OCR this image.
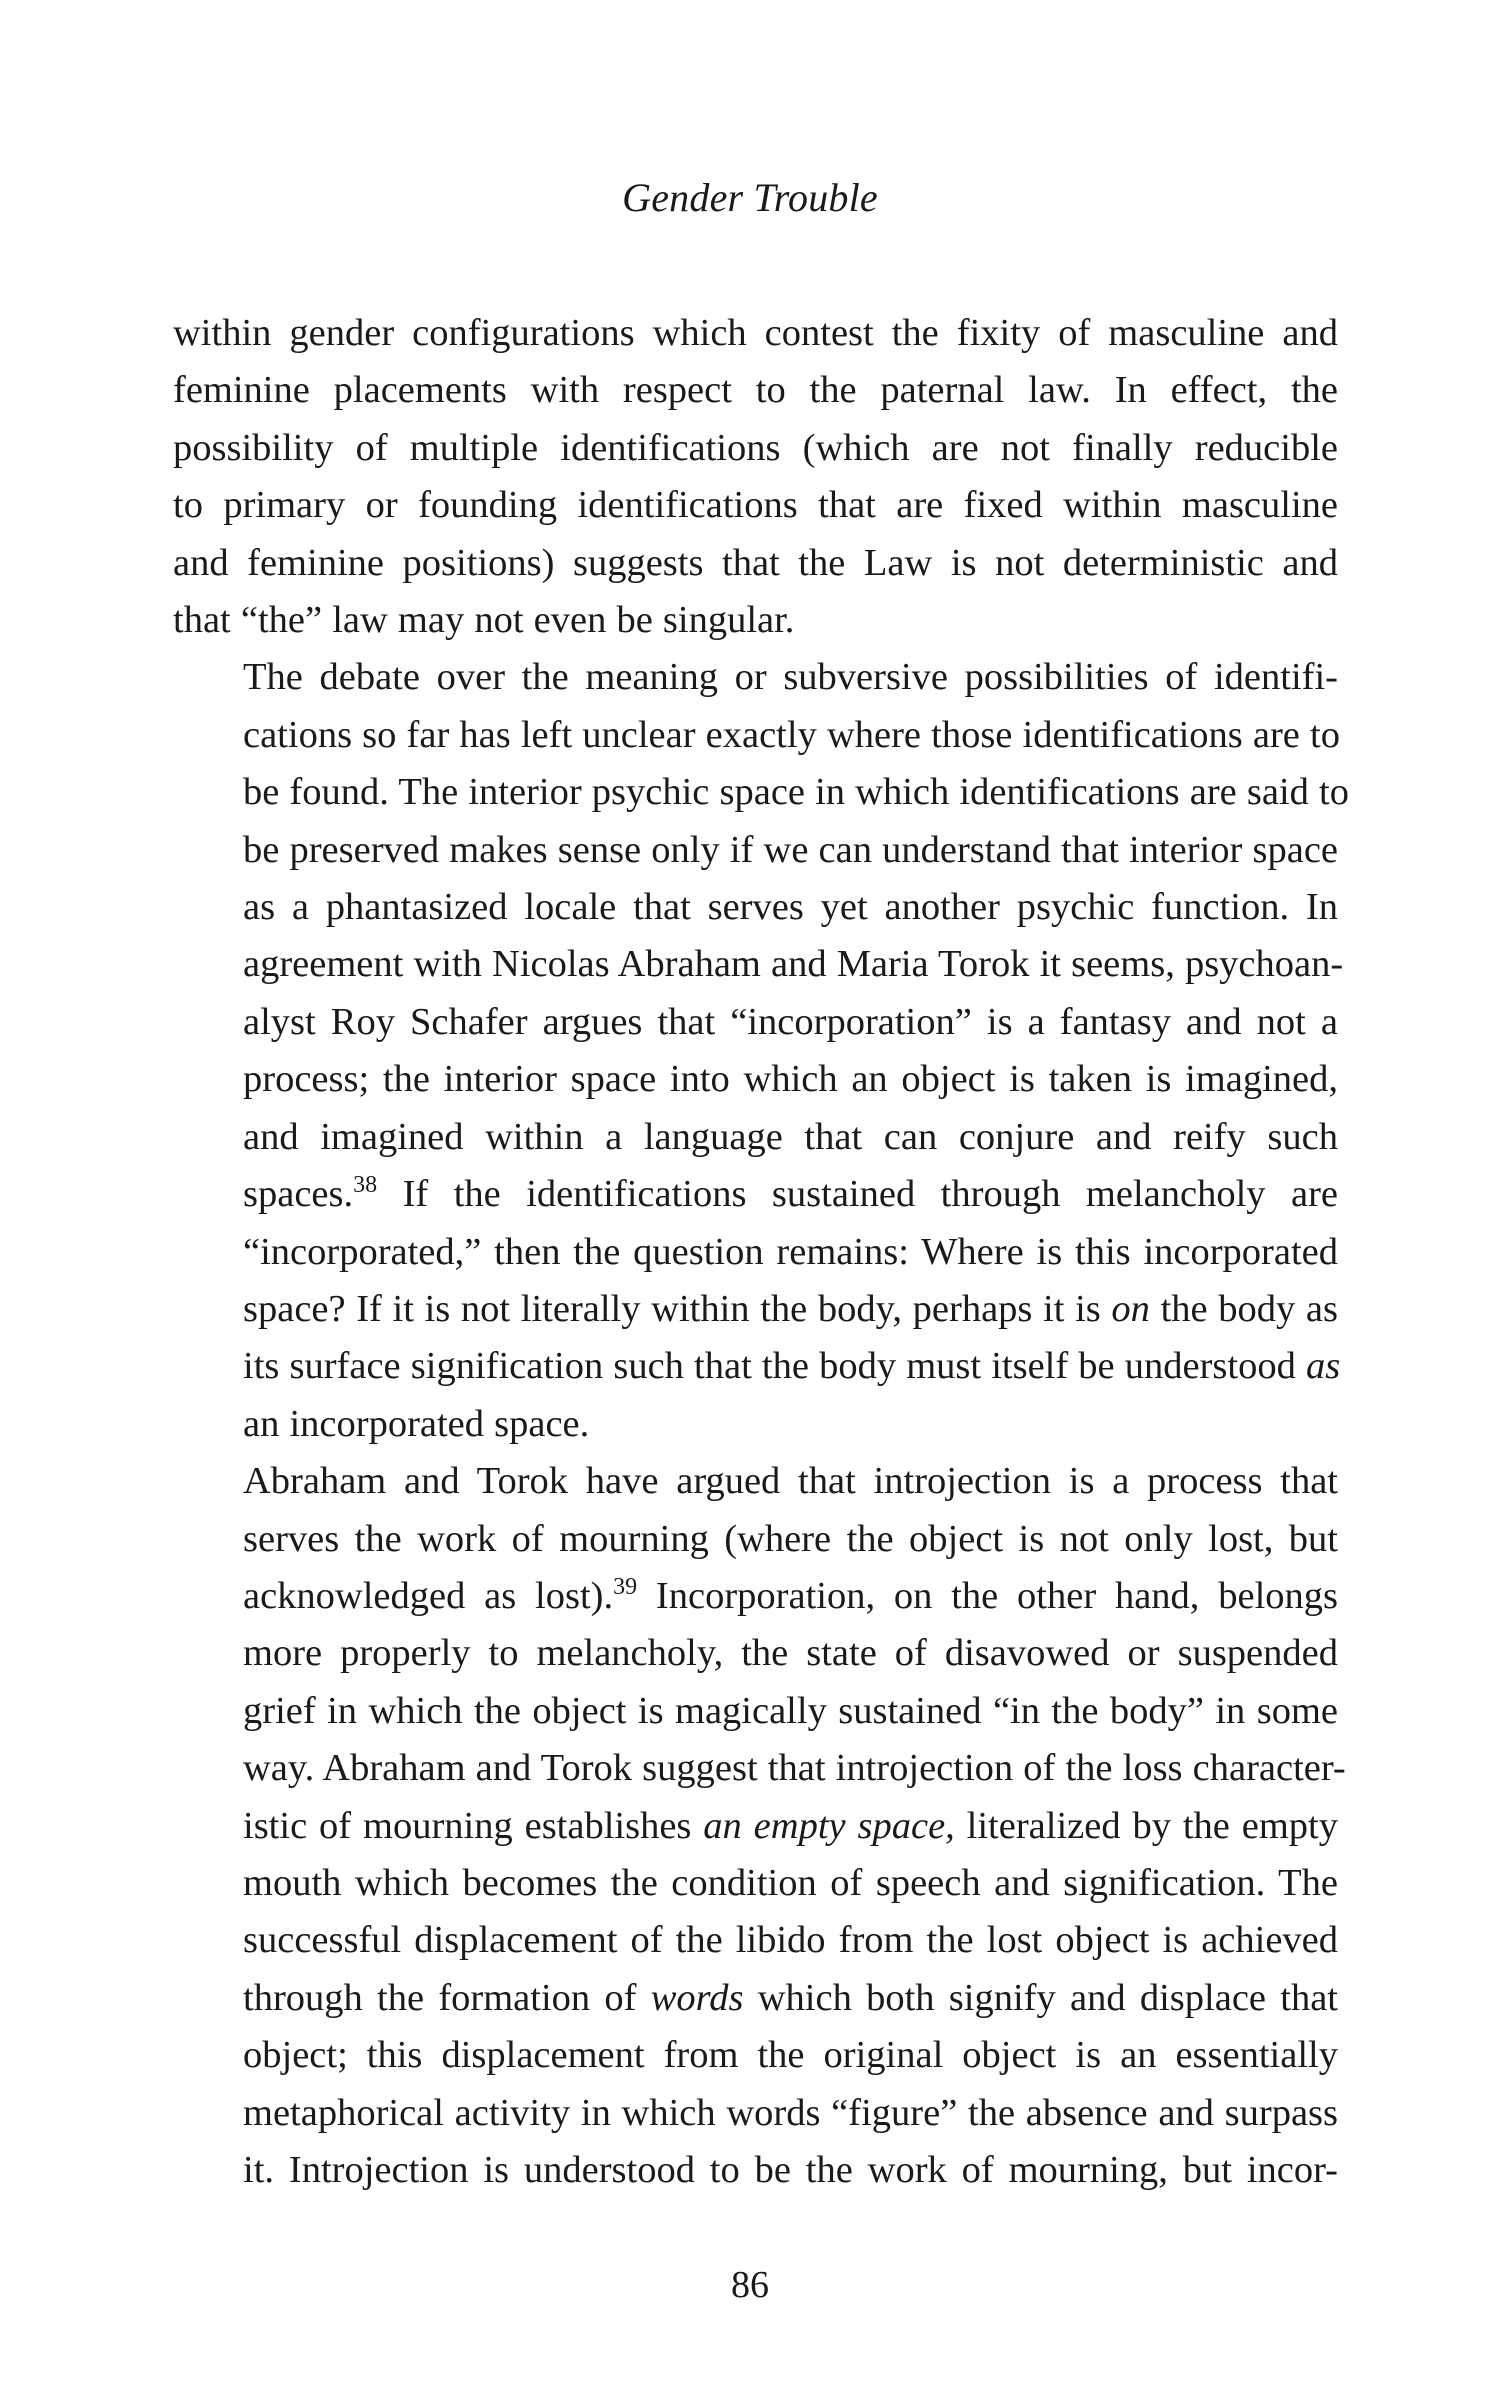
Gender Trouble

within gender configurations which contest the fixity of masculine and
feminine placements with respect to the paternal law. In effect, the
possibility of multiple identifications (which are not finally reducible
to primary or founding identifications that are fixed within masculine
and feminine positions) suggests that the Law is not deterministic and
that “the” law may not even be singular.

The debate over the meaning or subversive possibilities of identifi-
cations so far has left unclear exactly where those identifications are to
be found. The interior psychic space in which identifications are said to
be preserved makes sense only if we can understand that interior space
as a phantasized locale that serves yet another psychic function. In
agreement with Nicolas Abraham and Maria Torok it seems, psychoan-
alyst Roy Schafer argues that “incorporation” is a fantasy and not a
process; the interior space into which an object is taken is imagined,
and imagined within a language that can conjure and reify such
spaces.$^{38}$ If the identifications sustained through melancholy are
“incorporated,” then the question remains: Where is this incorporated
space? If it is not literally within the body, perhaps it is on the body as
its surface signification such that the body must itself be understood as
an incorporated space.

Abraham and Torok have argued that introjection is a process that
serves the work of mourning (where the object is not only lost, but
acknowledged as lost).$^{39}$ Incorporation, on the other hand, belongs
more properly to melancholy, the state of disavowed or suspended
grief in which the object is magically sustained “in the body” in some
way. Abraham and Torok suggest that introjection of the loss character-
istic of mourning establishes an empty space, literalized by the empty
mouth which becomes the condition of speech and signification. The
successful displacement of the libido from the lost object is achieved
through the formation of words which both signify and displace that
object; this displacement from the original object is an essentially
metaphorical activity in which words “figure” the absence and surpass
it. Introjection is understood to be the work of mourning, but incor-

86
